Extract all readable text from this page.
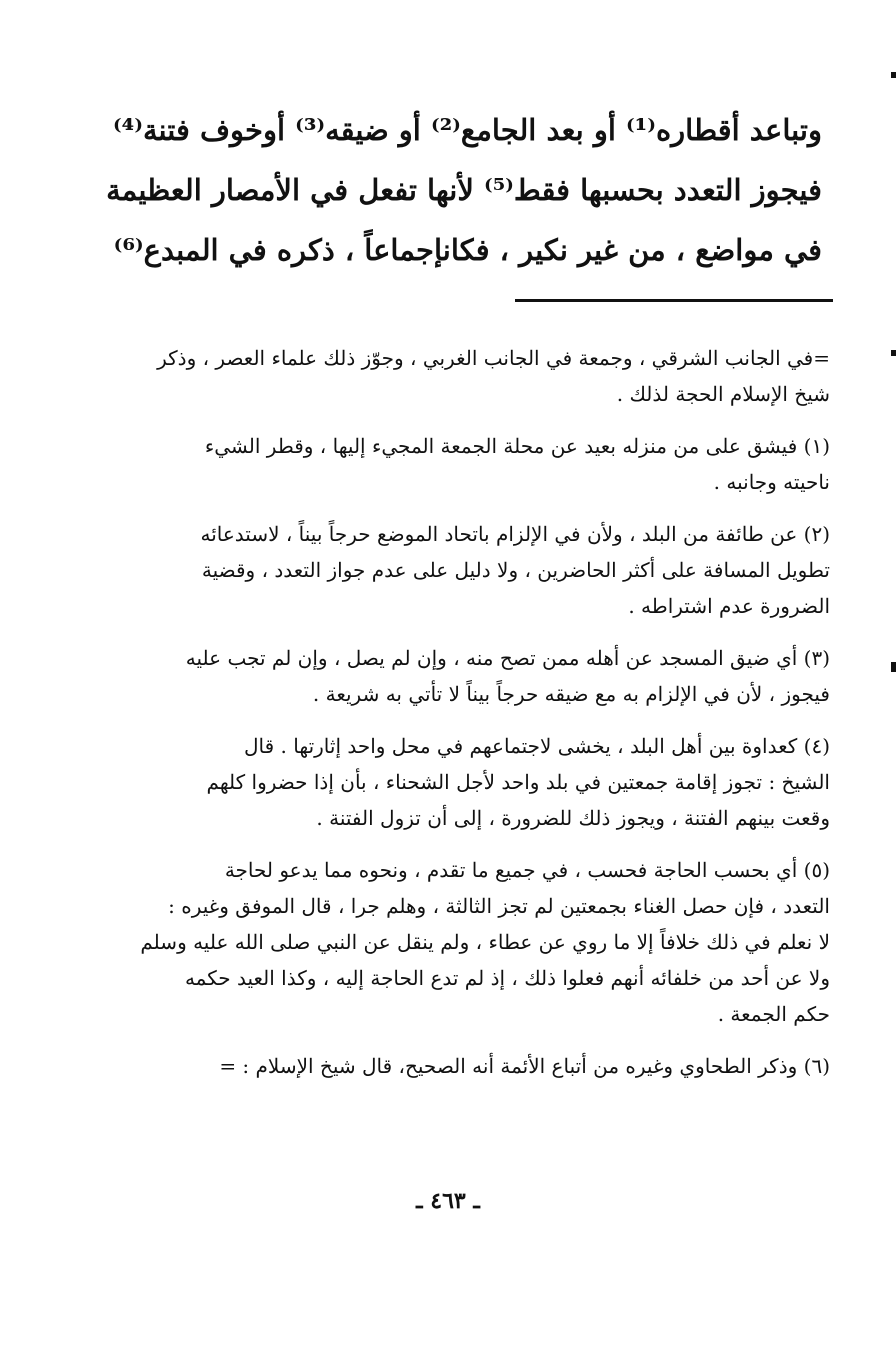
وتباعد أقطاره⁽¹⁾ أو بعد الجامع⁽²⁾ أو ضيقه⁽³⁾ أوخوف فتنة⁽⁴⁾
فيجوز التعدد بحسبها فقط⁽⁵⁾ لأنها تفعل في الأمصار العظيمة
في مواضع ، من غير نكير ، فكانإجماعاً ، ذكره في المبدع⁽⁶⁾
=في الجانب الشرقي ، وجمعة في الجانب الغربي ، وجوّز ذلك علماء العصر ، وذكر
شيخ الإسلام الحجة لذلك .
(١) فيشق على من منزله بعيد عن محلة الجمعة المجيء إليها ، وقطر الشيء
ناحيته وجانبه .
(٢) عن طائفة من البلد ، ولأن في الإلزام باتحاد الموضع حرجاً بيناً ، لاستدعائه
تطويل المسافة على أكثر الحاضرين ، ولا دليل على عدم جواز التعدد ، وقضية
الضرورة عدم اشتراطه .
(٣) أي ضيق المسجد عن أهله ممن تصح منه ، وإن لم يصل ، وإن لم تجب عليه
فيجوز ، لأن في الإلزام به مع ضيقه حرجاً بيناً لا تأتي به شريعة .
(٤) كعداوة بين أهل البلد ، يخشى لاجتماعهم في محل واحد إثارتها . قال
الشيخ : تجوز إقامة جمعتين في بلد واحد لأجل الشحناء ، بأن إذا حضروا كلهم
وقعت بينهم الفتنة ، ويجوز ذلك للضرورة ، إلى أن تزول الفتنة .
(٥) أي بحسب الحاجة فحسب ، في جميع ما تقدم ، ونحوه مما يدعو لحاجة
التعدد ، فإن حصل الغناء بجمعتين لم تجز الثالثة ، وهلم جرا ، قال الموفق وغيره :
لا نعلم في ذلك خلافاً إلا ما روي عن عطاء ، ولم ينقل عن النبي صلى الله عليه وسلم
ولا عن أحد من خلفائه أنهم فعلوا ذلك ، إذ لم تدع الحاجة إليه ، وكذا العيد حكمه
حكم الجمعة .
(٦) وذكر الطحاوي وغيره من أتباع الأئمة أنه الصحيح، قال شيخ الإسلام : =
ـ ٤٦٣ ـ
